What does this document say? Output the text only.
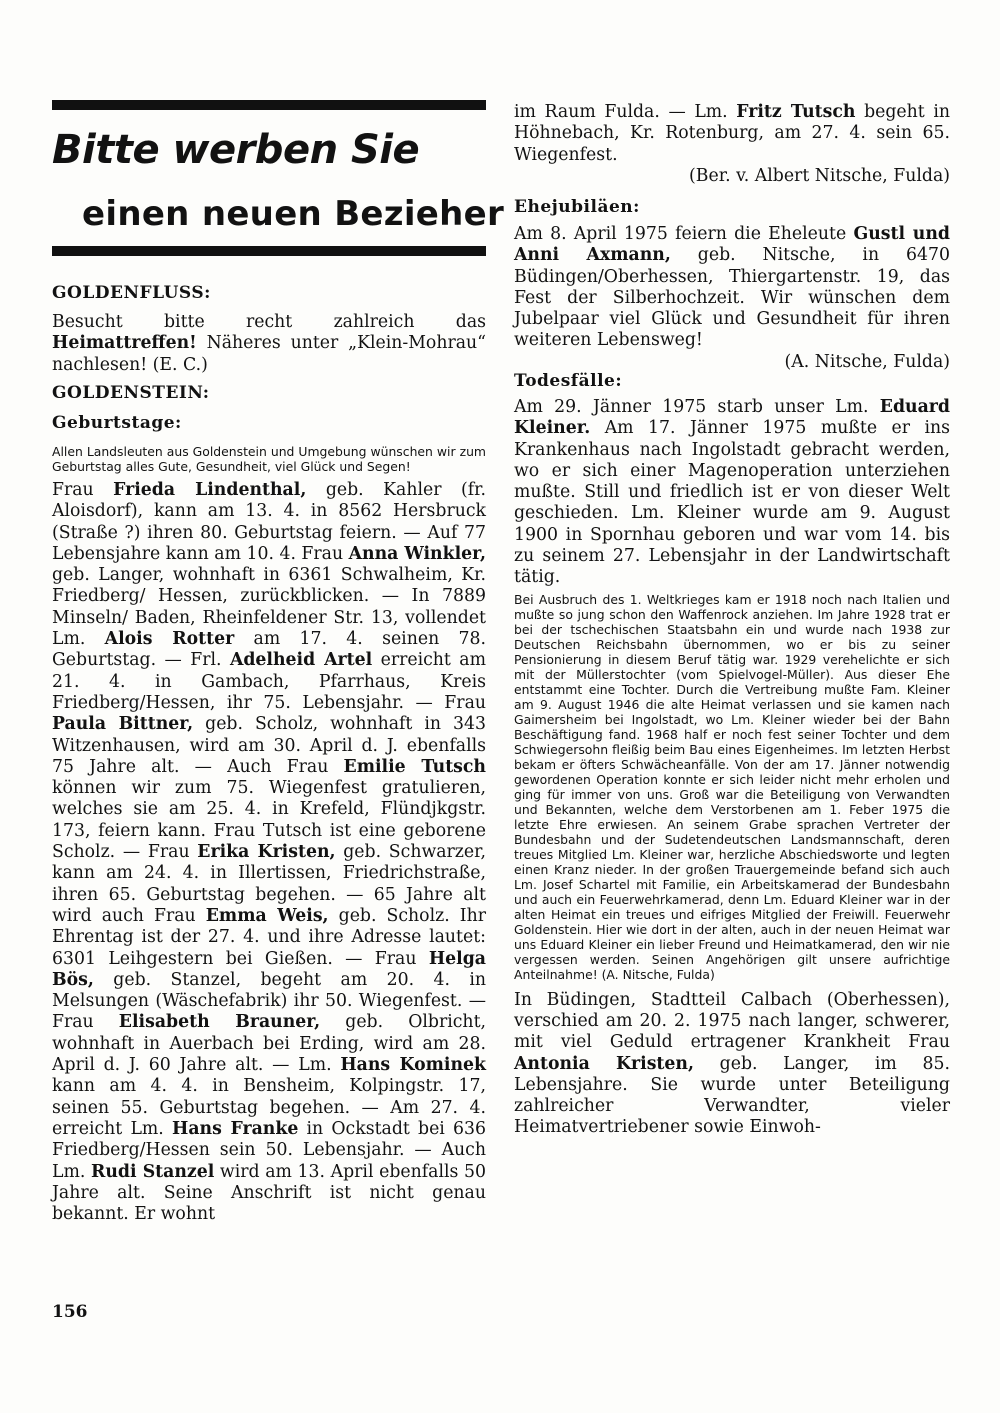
Bitte werben Sie
einen neuen Bezieher
GOLDENFLUSS:

Besucht bitte recht zahlreich das Heimattreffen! Näheres unter „Klein-Mohrau“ nachlesen! (E. C.)

GOLDENSTEIN:
Geburtstage:

Allen Landsleuten aus Goldenstein und Umgebung wünschen wir zum Geburtstag alles Gute, Gesundheit, viel Glück und Segen!

Frau Frieda Lindenthal, geb. Kahler (fr. Aloisdorf), kann am 13. 4. in 8562 Hersbruck (Straße ?) ihren 80. Geburtstag feiern. — Auf 77 Lebensjahre kann am 10. 4. Frau Anna Winkler, geb. Langer, wohnhaft in 6361 Schwalheim, Kr. Friedberg/ Hessen, zurückblicken. — In 7889 Minseln/ Baden, Rheinfeldener Str. 13, vollendet Lm. Alois Rotter am 17. 4. seinen 78. Geburtstag. — Frl. Adelheid Artel erreicht am 21. 4. in Gambach, Pfarrhaus, Kreis Friedberg/Hessen, ihr 75. Lebensjahr. — Frau Paula Bittner, geb. Scholz, wohnhaft in 343 Witzenhausen, wird am 30. April d. J. ebenfalls 75 Jahre alt. — Auch Frau Emilie Tutsch können wir zum 75. Wiegenfest gratulieren, welches sie am 25. 4. in Krefeld, Flündjkgstr. 173, feiern kann. Frau Tutsch ist eine geborene Scholz. — Frau Erika Kristen, geb. Schwarzer, kann am 24. 4. in Illertissen, Friedrichstraße, ihren 65. Geburtstag begehen. — 65 Jahre alt wird auch Frau Emma Weis, geb. Scholz. Ihr Ehrentag ist der 27. 4. und ihre Adresse lautet: 6301 Leihgestern bei Gießen. — Frau Helga Bös, geb. Stanzel, begeht am 20. 4. in Melsungen (Wäschefabrik) ihr 50. Wiegenfest. — Frau Elisabeth Brauner, geb. Olbricht, wohnhaft in Auerbach bei Erding, wird am 28. April d. J. 60 Jahre alt. — Lm. Hans Kominek kann am 4. 4. in Bensheim, Kolpingstr. 17, seinen 55. Geburtstag begehen. — Am 27. 4. erreicht Lm. Hans Franke in Ockstadt bei 636 Friedberg/Hessen sein 50. Lebensjahr. — Auch Lm. Rudi Stanzel wird am 13. April ebenfalls 50 Jahre alt. Seine Anschrift ist nicht genau bekannt. Er wohnt

im Raum Fulda. — Lm. Fritz Tutsch begeht in Höhnebach, Kr. Rotenburg, am 27. 4. sein 65. Wiegenfest.
(Ber. v. Albert Nitsche, Fulda)

Ehejubiläen:

Am 8. April 1975 feiern die Eheleute Gustl und Anni Axmann, geb. Nitsche, in 6470 Büdingen/Oberhessen, Thiergartenstr. 19, das Fest der Silberhochzeit. Wir wünschen dem Jubelpaar viel Glück und Gesundheit für ihren weiteren Lebensweg!
(A. Nitsche, Fulda)

Todesfälle:

Am 29. Jänner 1975 starb unser Lm. Eduard Kleiner. Am 17. Jänner 1975 mußte er ins Krankenhaus nach Ingolstadt gebracht werden, wo er sich einer Magenoperation unterziehen mußte. Still und friedlich ist er von dieser Welt geschieden. Lm. Kleiner wurde am 9. August 1900 in Spornhau geboren und war vom 14. bis zu seinem 27. Lebensjahr in der Landwirtschaft tätig.

Bei Ausbruch des 1. Weltkrieges kam er 1918 noch nach Italien und mußte so jung schon den Waffenrock anziehen. Im Jahre 1928 trat er bei der tschechischen Staatsbahn ein und wurde nach 1938 zur Deutschen Reichsbahn übernommen, wo er bis zu seiner Pensionierung in diesem Beruf tätig war. 1929 verehelichte er sich mit der Müllerstochter (vom Spielvogel-Müller). Aus dieser Ehe entstammt eine Tochter. Durch die Vertreibung mußte Fam. Kleiner am 9. August 1946 die alte Heimat verlassen und sie kamen nach Gaimersheim bei Ingolstadt, wo Lm. Kleiner wieder bei der Bahn Beschäftigung fand. 1968 half er noch fest seiner Tochter und dem Schwiegersohn fleißig beim Bau eines Eigenheimes. Im letzten Herbst bekam er öfters Schwächeanfälle. Von der am 17. Jänner notwendig gewordenen Operation konnte er sich leider nicht mehr erholen und ging für immer von uns. Groß war die Beteiligung von Verwandten und Bekannten, welche dem Verstorbenen am 1. Feber 1975 die letzte Ehre erwiesen. An seinem Grabe sprachen Vertreter der Bundesbahn und der Sudetendeutschen Landsmannschaft, deren treues Mitglied Lm. Kleiner war, herzliche Abschiedsworte und legten einen Kranz nieder. In der großen Trauergemeinde befand sich auch Lm. Josef Schartel mit Familie, ein Arbeitskamerad der Bundesbahn und auch ein Feuerwehrkamerad, denn Lm. Eduard Kleiner war in der alten Heimat ein treues und eifriges Mitglied der Freiwill. Feuerwehr Goldenstein. Hier wie dort in der alten, auch in der neuen Heimat war uns Eduard Kleiner ein lieber Freund und Heimatkamerad, den wir nie vergessen werden. Seinen Angehörigen gilt unsere aufrichtige Anteilnahme! (A. Nitsche, Fulda)

In Büdingen, Stadtteil Calbach (Oberhessen), verschied am 20. 2. 1975 nach langer, schwerer, mit viel Geduld ertragener Krankheit Frau Antonia Kristen, geb. Langer, im 85. Lebensjahre. Sie wurde unter Beteiligung zahlreicher Verwandter, vieler Heimatvertriebener sowie Einwoh-

156
